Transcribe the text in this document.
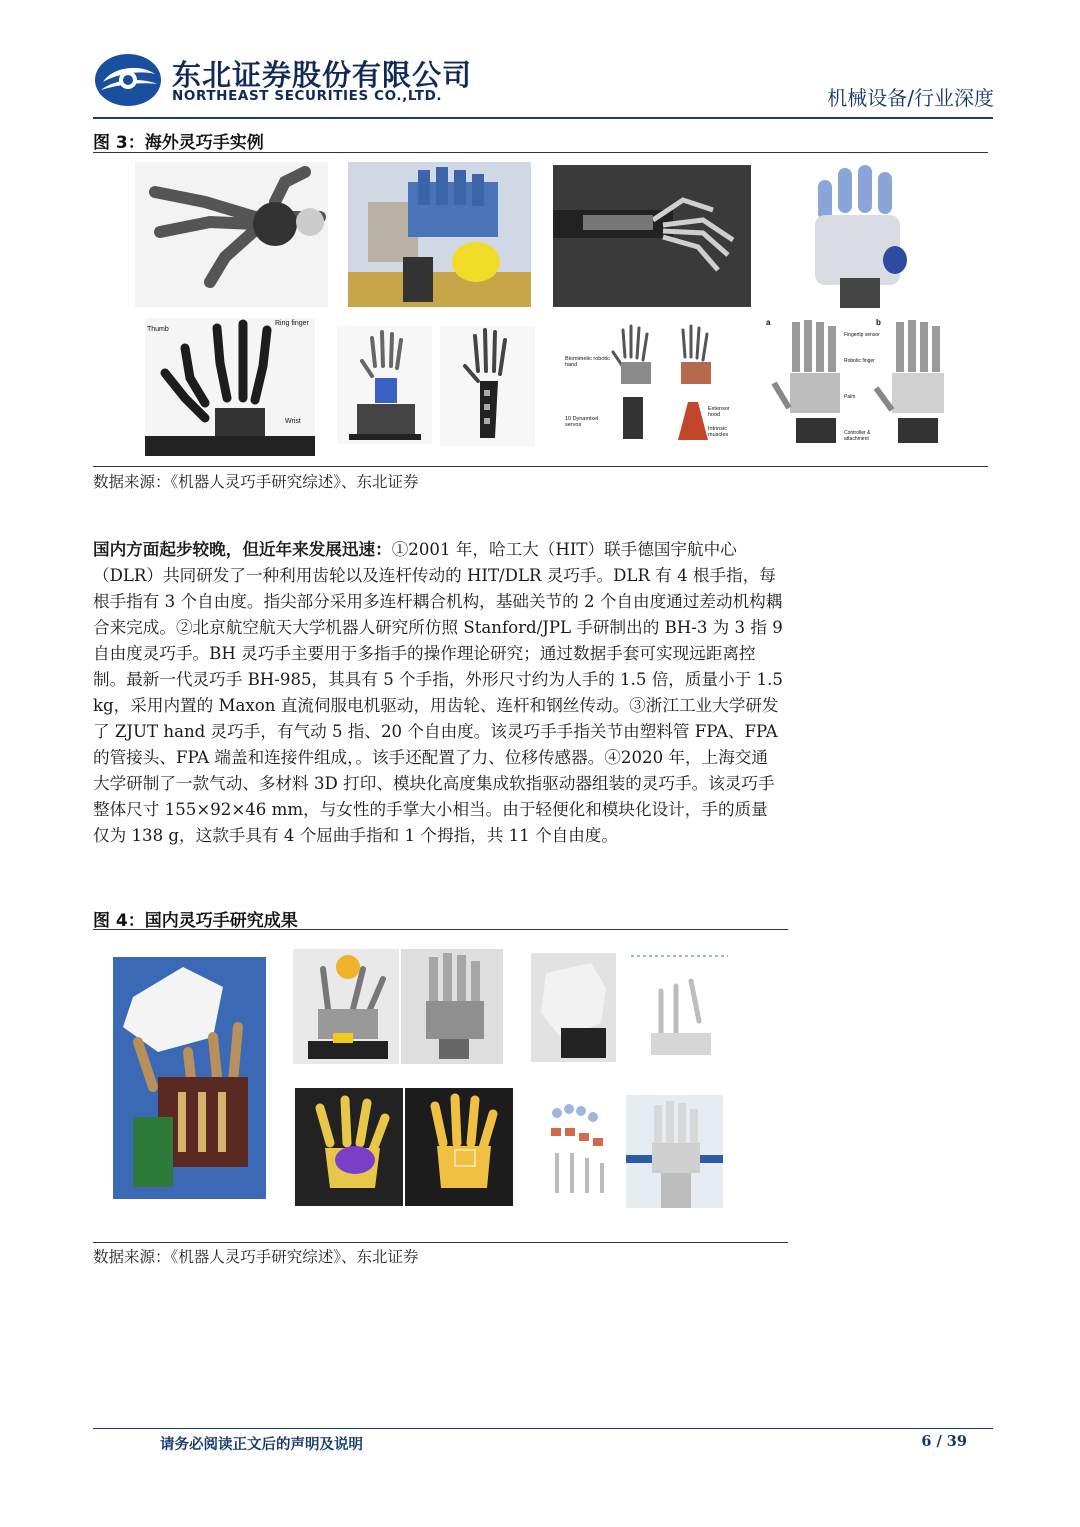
东北证券股份有限公司
NORTHEAST SECURITIES CO.,LTD.	机械设备/行业深度
图 3：海外灵巧手实例
Thumb
Ring finger
Wrist
Biomimetic robotic hand
10 Dynamixel servos
Extensor hood
Intrinsic muscles
a	b
Fingertip sensor
Robotic finger
Palm
Controller & attachment
数据来源：《机器人灵巧手研究综述》、东北证券
国内方面起步较晚，但近年来发展迅速：①2001 年，哈工大（HIT）联手德国宇航中心（DLR）共同研发了一种利用齿轮以及连杆传动的 HIT/DLR 灵巧手。DLR 有 4 根手指，每根手指有 3 个自由度。指尖部分采用多连杆耦合机构，基础关节的 2 个自由度通过差动机构耦合来完成。②北京航空航天大学机器人研究所仿照 Stanford/JPL 手研制出的 BH-3 为 3 指 9 自由度灵巧手。BH 灵巧手主要用于多指手的操作理论研究；通过数据手套可实现远距离控制。最新一代灵巧手 BH-985，其具有 5 个手指，外形尺寸约为人手的 1.5 倍，质量小于 1.5 kg，采用内置的 Maxon 直流伺服电机驱动，用齿轮、连杆和钢丝传动。③浙江工业大学研发了 ZJUT hand 灵巧手，有气动 5 指、20 个自由度。该灵巧手手指关节由塑料管 FPA、FPA 的管接头、FPA 端盖和连接件组成，。该手还配置了力、位移传感器。④2020 年，上海交通大学研制了一款气动、多材料 3D 打印、模块化高度集成软指驱动器组装的灵巧手。该灵巧手整体尺寸 155×92×46 mm，与女性的手掌大小相当。由于轻便化和模块化设计，手的质量仅为 138 g，这款手具有 4 个屈曲手指和 1 个拇指，共 11 个自由度。
图 4：国内灵巧手研究成果
数据来源：《机器人灵巧手研究综述》、东北证券
请务必阅读正文后的声明及说明	6 / 39
